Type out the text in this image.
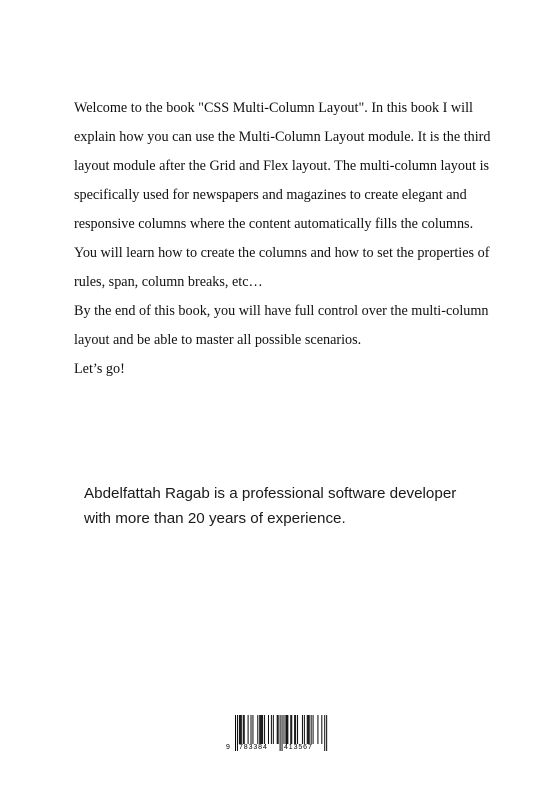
Welcome to the book "CSS Multi-Column Layout". In this book I will explain how you can use the Multi-Column Layout module. It is the third layout module after the Grid and Flex layout. The multi-column layout is specifically used for newspapers and magazines to create elegant and responsive columns where the content automatically fills the columns.

You will learn how to create the columns and how to set the properties of rules, span, column breaks, etc…

By the end of this book, you will have full control over the multi-column layout and be able to master all possible scenarios.

Let’s go!

Abdelfattah Ragab is a professional software developer with more than 20 years of experience.

9 783384 413567
